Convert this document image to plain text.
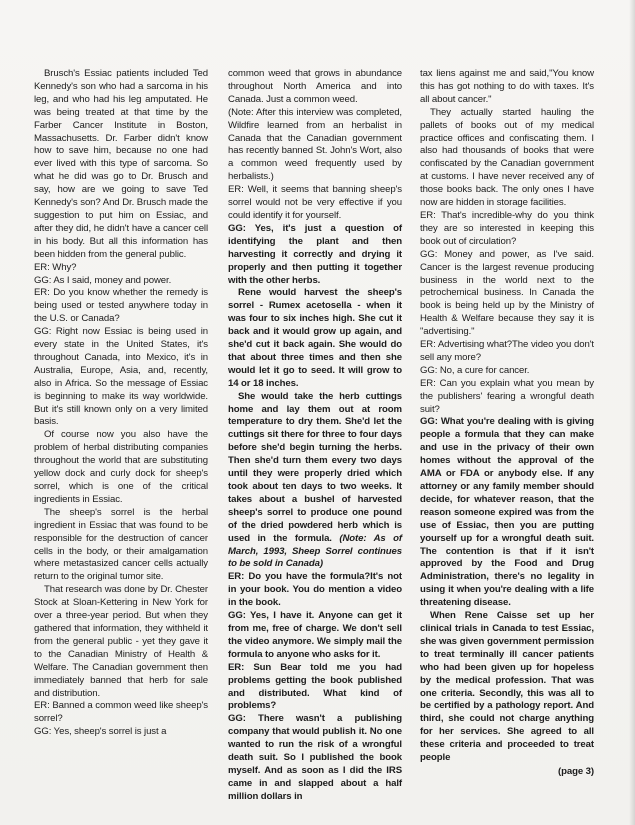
Brusch's Essiac patients included Ted Kennedy's son who had a sarcoma in his leg, and who had his leg amputated. He was being treated at that time by the Farber Cancer Institute in Boston, Massachusetts. Dr. Farber didn't know how to save him, because no one had ever lived with this type of sarcoma. So what he did was go to Dr. Brusch and say, how are we going to save Ted Kennedy's son? And Dr. Brusch made the suggestion to put him on Essiac, and after they did, he didn't have a cancer cell in his body. But all this information has been hidden from the general public.

ER: Why?

GG: As I said, money and power.

ER: Do you know whether the remedy is being used or tested anywhere today in the U.S. or Canada?

GG: Right now Essiac is being used in every state in the United States, it's throughout Canada, into Mexico, it's in Australia, Europe, Asia, and, recently, also in Africa. So the message of Essiac is beginning to make its way worldwide. But it's still known only on a very limited basis.

Of course now you also have the problem of herbal distributing companies throughout the world that are substituting yellow dock and curly dock for sheep's sorrel, which is one of the critical ingredients in Essiac.

The sheep's sorrel is the herbal ingredient in Essiac that was found to be responsible for the destruction of cancer cells in the body, or their amalgamation where metastasized cancer cells actually return to the original tumor site.

That research was done by Dr. Chester Stock at Sloan-Kettering in New York for over a three-year period. But when they gathered that information, they withheld it from the general public - yet they gave it to the Canadian Ministry of Health & Welfare. The Canadian government then immediately banned that herb for sale and distribution.

ER: Banned a common weed like sheep's sorrel?

GG: Yes, sheep's sorrel is just a

common weed that grows in abundance throughout North America and into Canada. Just a common weed.

(Note: After this interview was completed, Wildfire learned from an herbalist in Canada that the Canadian government has recently banned St. John's Wort, also a common weed frequently used by herbalists.)

ER: Well, it seems that banning sheep's sorrel would not be very effective if you could identify it for yourself.

GG: Yes, it's just a question of identifying the plant and then harvesting it correctly and drying it properly and then putting it together with the other herbs.

Rene would harvest the sheep's sorrel - Rumex acetosella - when it was four to six inches high. She cut it back and it would grow up again, and she'd cut it back again. She would do that about three times and then she would let it go to seed. It will grow to 14 or 18 inches.

She would take the herb cuttings home and lay them out at room temperature to dry them. She'd let the cuttings sit there for three to four days before she'd begin turning the herbs. Then she'd turn them every two days until they were properly dried which took about ten days to two weeks. It takes about a bushel of harvested sheep's sorrel to produce one pound of the dried powdered herb which is used in the formula. (Note: As of March, 1993, Sheep Sorrel continues to be sold in Canada)

ER: Do you have the formula?It's not in your book. You do mention a video in the book.

GG: Yes, I have it. Anyone can get it from me, free of charge. We don't sell the video anymore. We simply mail the formula to anyone who asks for it.

ER: Sun Bear told me you had problems getting the book published and distributed. What kind of problems?

GG: There wasn't a publishing company that would publish it. No one wanted to run the risk of a wrongful death suit. So I published the book myself. And as soon as I did the IRS came in and slapped about a half million dollars in

tax liens against me and said,"You know this has got nothing to do with taxes. It's all about cancer."

They actually started hauling the pallets of books out of my medical practice offices and confiscating them. I also had thousands of books that were confiscated by the Canadian government at customs. I have never received any of those books back. The only ones I have now are hidden in storage facilities.

ER: That's incredible-why do you think they are so interested in keeping this book out of circulation?

GG: Money and power, as I've said. Cancer is the largest revenue producing business in the world next to the petrochemical business. In Canada the book is being held up by the Ministry of Health & Welfare because they say it is "advertising."

ER: Advertising what?The video you don't sell any more?

GG: No, a cure for cancer.

ER: Can you explain what you mean by the publishers' fearing a wrongful death suit?

GG: What you're dealing with is giving people a formula that they can make and use in the privacy of their own homes without the approval of the AMA or FDA or anybody else. If any attorney or any family member should decide, for whatever reason, that the reason someone expired was from the use of Essiac, then you are putting yourself up for a wrongful death suit. The contention is that if it isn't approved by the Food and Drug Administration, there's no legality in using it when you're dealing with a life threatening disease.

When Rene Caisse set up her clinical trials in Canada to test Essiac, she was given government permission to treat terminally ill cancer patients who had been given up for hopeless by the medical profession. That was one criteria. Secondly, this was all to be certified by a pathology report. And third, she could not charge anything for her services. She agreed to all these criteria and proceeded to treat people

(page 3)
